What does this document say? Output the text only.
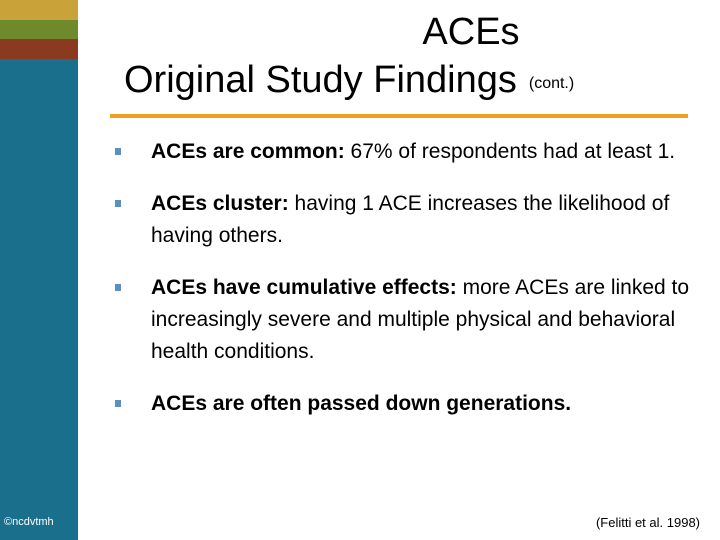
©ncdvtmh
ACEs
Original Study Findings (cont.)
ACEs are common: 67% of respondents had at least 1.
ACEs cluster: having 1 ACE increases the likelihood of having others.
ACEs have cumulative effects: more ACEs are linked to increasingly severe and multiple physical and behavioral health conditions.
ACEs are often passed down generations.
(Felitti et al. 1998)
